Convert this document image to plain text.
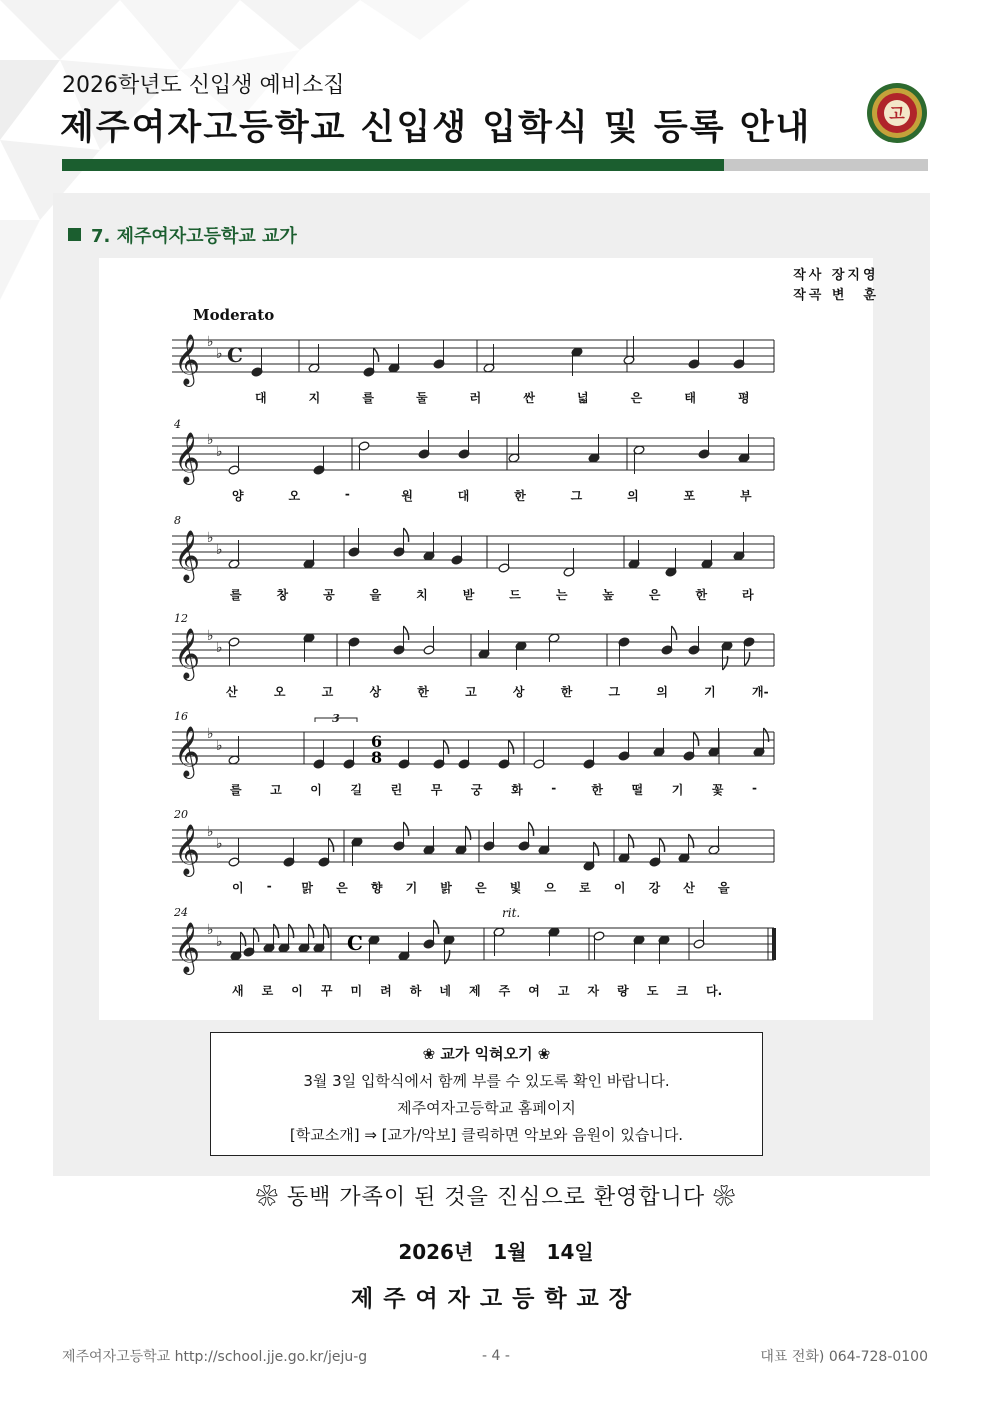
2026학년도 신입생 예비소집
제주여자고등학교 신입생 입학식 및 등록 안내	고
7. 제주여자고등학교 교가
𝄞 ♭
♭
𝄞 ♭
♭
𝄞 ♭
♭
𝄞 ♭
♭
𝄞 ♭
♭
𝄞 ♭
♭
𝄞 ♭
♭
C
3
6
8
C
작사 장지영
작곡 변　훈
Moderato
rit.
4
8
12
16
20
24
대	지	를	둘	러	싼	넓	은	태	평
양	오	-	원	대	한	그	의	포	부
를	창	공	을	치	받	드	는	높	은	한	라
산	오	고	상	한	고	상	한	그	의	기	개-
를 고 이 길 린 무 궁 화 -	한 떨 기 꽃 -
이 - 맑 은 향 기 밝 은 빛 으 로 이 강 산 을
새 로 이 꾸 미 려 하 네 제 주 여 고 자 랑 도 크 다.
❀ 교가 익혀오기 ❀
3월 3일 입학식에서 함께 부를 수 있도록 확인 바랍니다.
제주여자고등학교 홈페이지
[학교소개] ⇒ [교가/악보] 클릭하면 악보와 음원이 있습니다.
❀ 동백 가족이 된 것을 진심으로 환영합니다 ❀
2026년　1월　14일
제주여자고등학교장
제주여자고등학교 http://school.jje.go.kr/jeju-g	- 4 -	대표 전화) 064-728-0100
